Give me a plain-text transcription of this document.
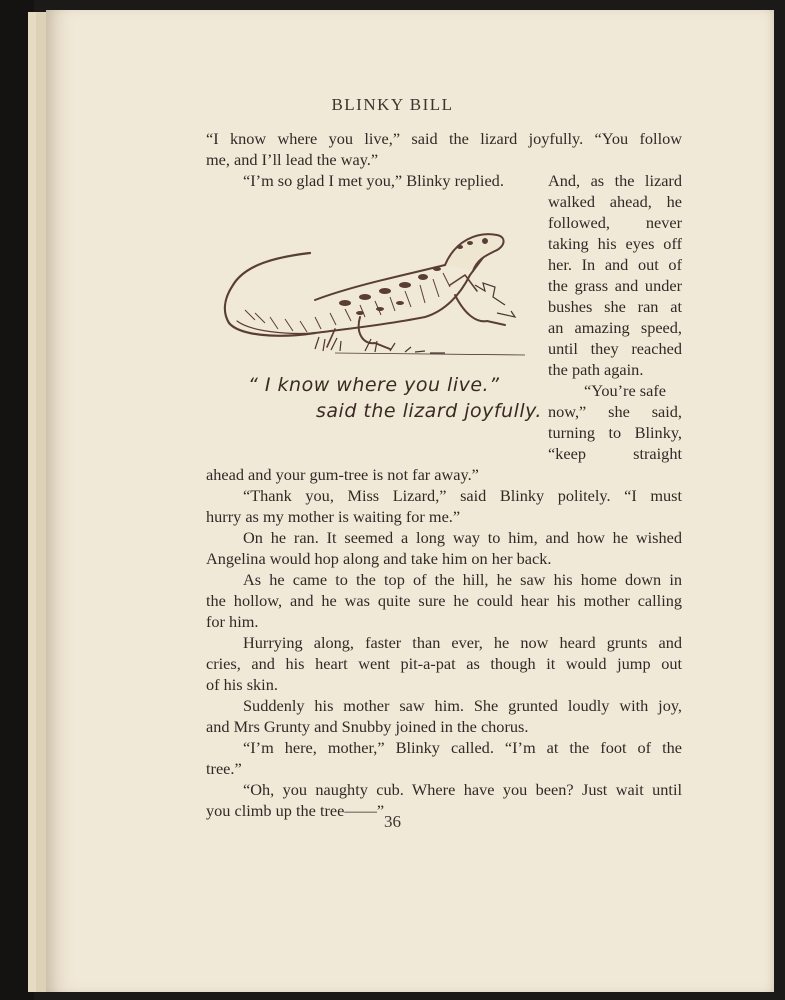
BLINKY BILL
“I know where you live,” said the lizard joyfully. “You follow
me, and I’ll lead the way.”
“I’m so glad I met you,” Blinky replied.	And, as the lizard
walked ahead, he
followed, never
taking his eyes off
her. In and out of
the grass and under
bushes she ran at
an amazing speed,
until they reached
the path again.
“You’re safe
now,” she said,
turning to Blinky,
“keep straight
ahead and your gum-tree is not far away.”
“Thank you, Miss Lizard,” said Blinky politely. “I must
hurry as my mother is waiting for me.”
On he ran. It seemed a long way to him, and how he wished
Angelina would hop along and take him on her back.
As he came to the top of the hill, he saw his home down in
the hollow, and he was quite sure he could hear his mother calling
for him.
Hurrying along, faster than ever, he now heard grunts and
cries, and his heart went pit-a-pat as though it would jump out
of his skin.
Suddenly his mother saw him. She grunted loudly with joy,
and Mrs Grunty and Snubby joined in the chorus.
“I’m here, mother,” Blinky called. “I’m at the foot of the
tree.”
“Oh, you naughty cub. Where have you been? Just wait until
you climb up the tree——”
“ I know where you live.”
said the lizard joyfully.
36
